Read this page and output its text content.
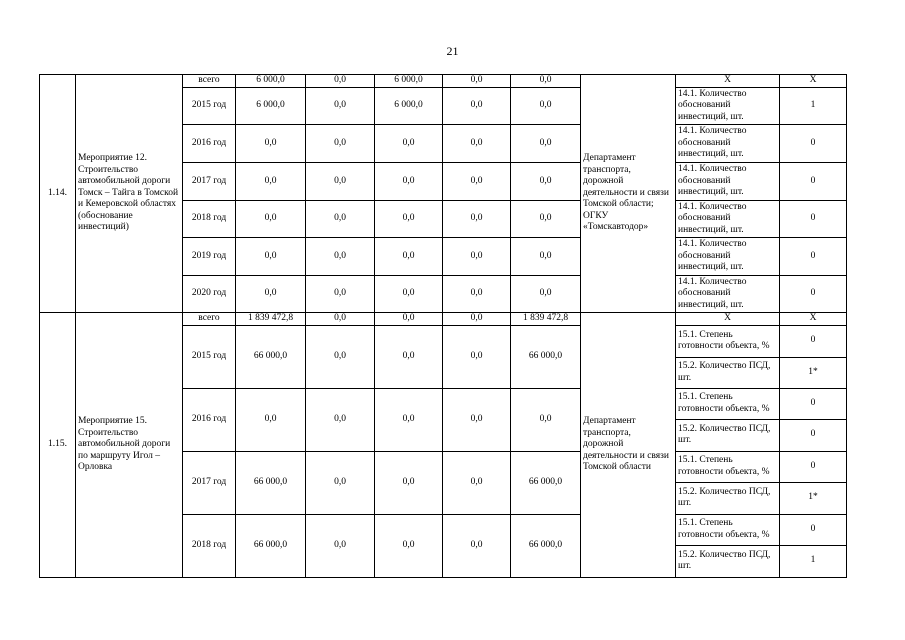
21
1.14.	Мероприятие 12. Строительство автомобильной дороги Томск – Тайга в Томской и Кемеровской областях (обоснование инвестиций)	всего	6 000,0	0,0	6 000,0	0,0	0,0	Департамент транспорта, дорожной деятельности и связи Томской области; ОГКУ «Томскавтодор»	Х	Х
		2015 год	6 000,0	0,0	6 000,0	0,0	0,0		14.1. Количество обоснований инвестиций, шт.	1
		2016 год	0,0	0,0	0,0	0,0	0,0		14.1. Количество обоснований инвестиций, шт.	0
		2017 год	0,0	0,0	0,0	0,0	0,0		14.1. Количество обоснований инвестиций, шт.	0
		2018 год	0,0	0,0	0,0	0,0	0,0		14.1. Количество обоснований инвестиций, шт.	0
		2019 год	0,0	0,0	0,0	0,0	0,0		14.1. Количество обоснований инвестиций, шт.	0
		2020 год	0,0	0,0	0,0	0,0	0,0		14.1. Количество обоснований инвестиций, шт.	0
1.15.	Мероприятие 15. Строительство автомобильной дороги по маршруту Игол – Орловка	всего	1 839 472,8	0,0	0,0	0,0	1 839 472,8	Департамент транспорта, дорожной деятельности и связи Томской области	Х	Х
		2015 год	66 000,0	0,0	0,0	0,0	66 000,0		15.1. Степень готовности объекта, %	0
									15.2. Количество ПСД, шт.	1*
		2016 год	0,0	0,0	0,0	0,0	0,0		15.1. Степень готовности объекта, %	0
									15.2. Количество ПСД, шт.	0
		2017 год	66 000,0	0,0	0,0	0,0	66 000,0		15.1. Степень готовности объекта, %	0
									15.2. Количество ПСД, шт.	1*
		2018 год	66 000,0	0,0	0,0	0,0	66 000,0		15.1. Степень готовности объекта, %	0
									15.2. Количество ПСД, шт.	1
